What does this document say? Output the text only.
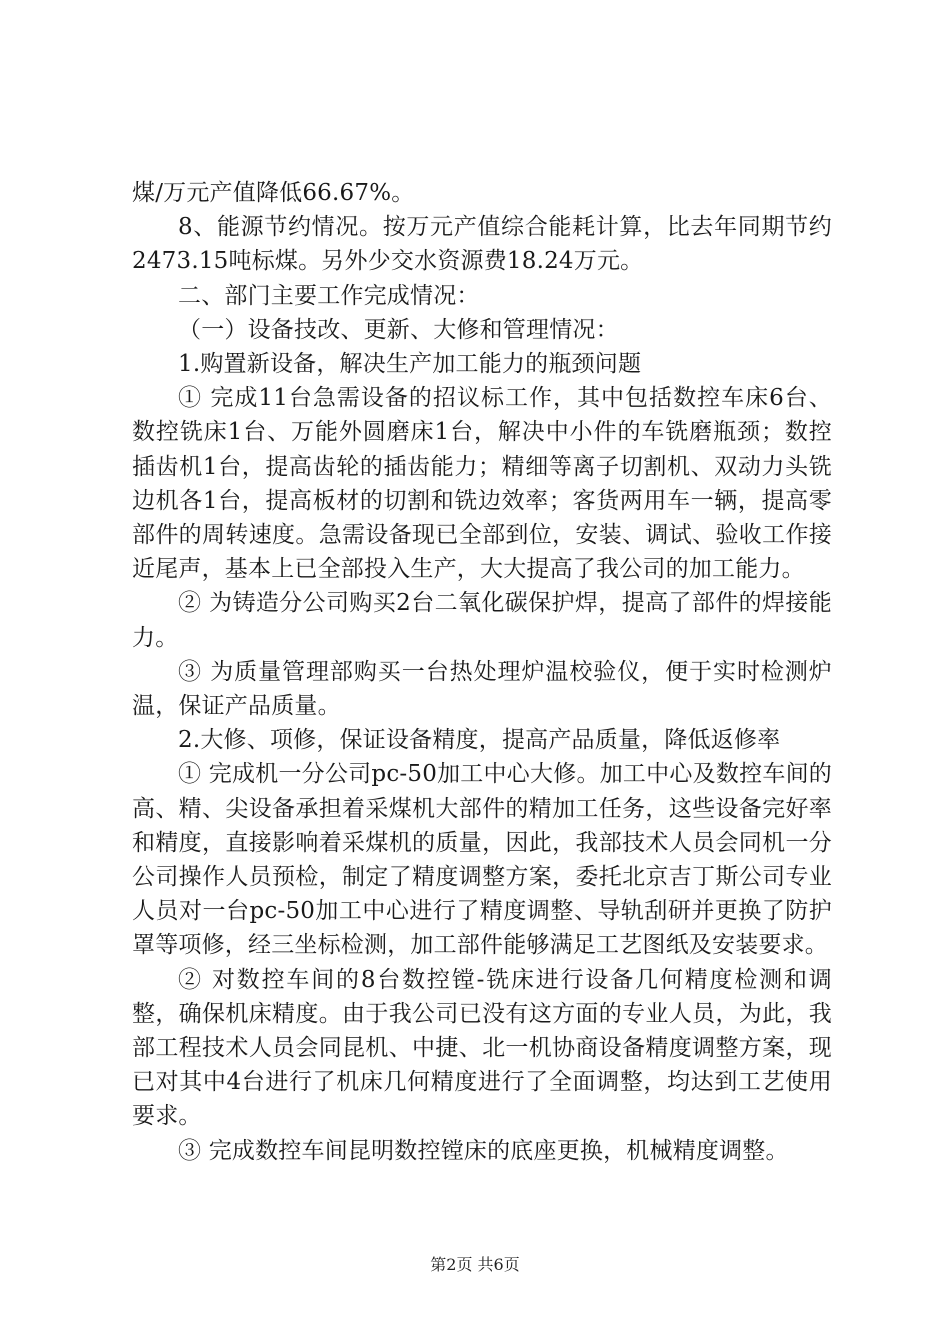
煤/万元产值降低66.67%。

8、能源节约情况。按万元产值综合能耗计算，比去年同期节约2473.15吨标煤。另外少交水资源费18.24万元。

二、部门主要工作完成情况：

（一）设备技改、更新、大修和管理情况：

1.购置新设备，解决生产加工能力的瓶颈问题

① 完成11台急需设备的招议标工作，其中包括数控车床6台、数控铣床1台、万能外圆磨床1台，解决中小件的车铣磨瓶颈；数控插齿机1台，提高齿轮的插齿能力；精细等离子切割机、双动力头铣边机各1台，提高板材的切割和铣边效率；客货两用车一辆，提高零部件的周转速度。急需设备现已全部到位，安装、调试、验收工作接近尾声，基本上已全部投入生产，大大提高了我公司的加工能力。

② 为铸造分公司购买2台二氧化碳保护焊，提高了部件的焊接能力。

③ 为质量管理部购买一台热处理炉温校验仪，便于实时检测炉温，保证产品质量。

2.大修、项修，保证设备精度，提高产品质量，降低返修率

① 完成机一分公司pc-50加工中心大修。加工中心及数控车间的高、精、尖设备承担着采煤机大部件的精加工任务，这些设备完好率和精度，直接影响着采煤机的质量，因此，我部技术人员会同机一分公司操作人员预检，制定了精度调整方案，委托北京吉丁斯公司专业人员对一台pc-50加工中心进行了精度调整、导轨刮研并更换了防护罩等项修，经三坐标检测，加工部件能够满足工艺图纸及安装要求。

② 对数控车间的8台数控镗-铣床进行设备几何精度检测和调整，确保机床精度。由于我公司已没有这方面的专业人员，为此，我部工程技术人员会同昆机、中捷、北一机协商设备精度调整方案，现已对其中4台进行了机床几何精度进行了全面调整，均达到工艺使用要求。

③ 完成数控车间昆明数控镗床的底座更换，机械精度调整。

第2页 共6页
